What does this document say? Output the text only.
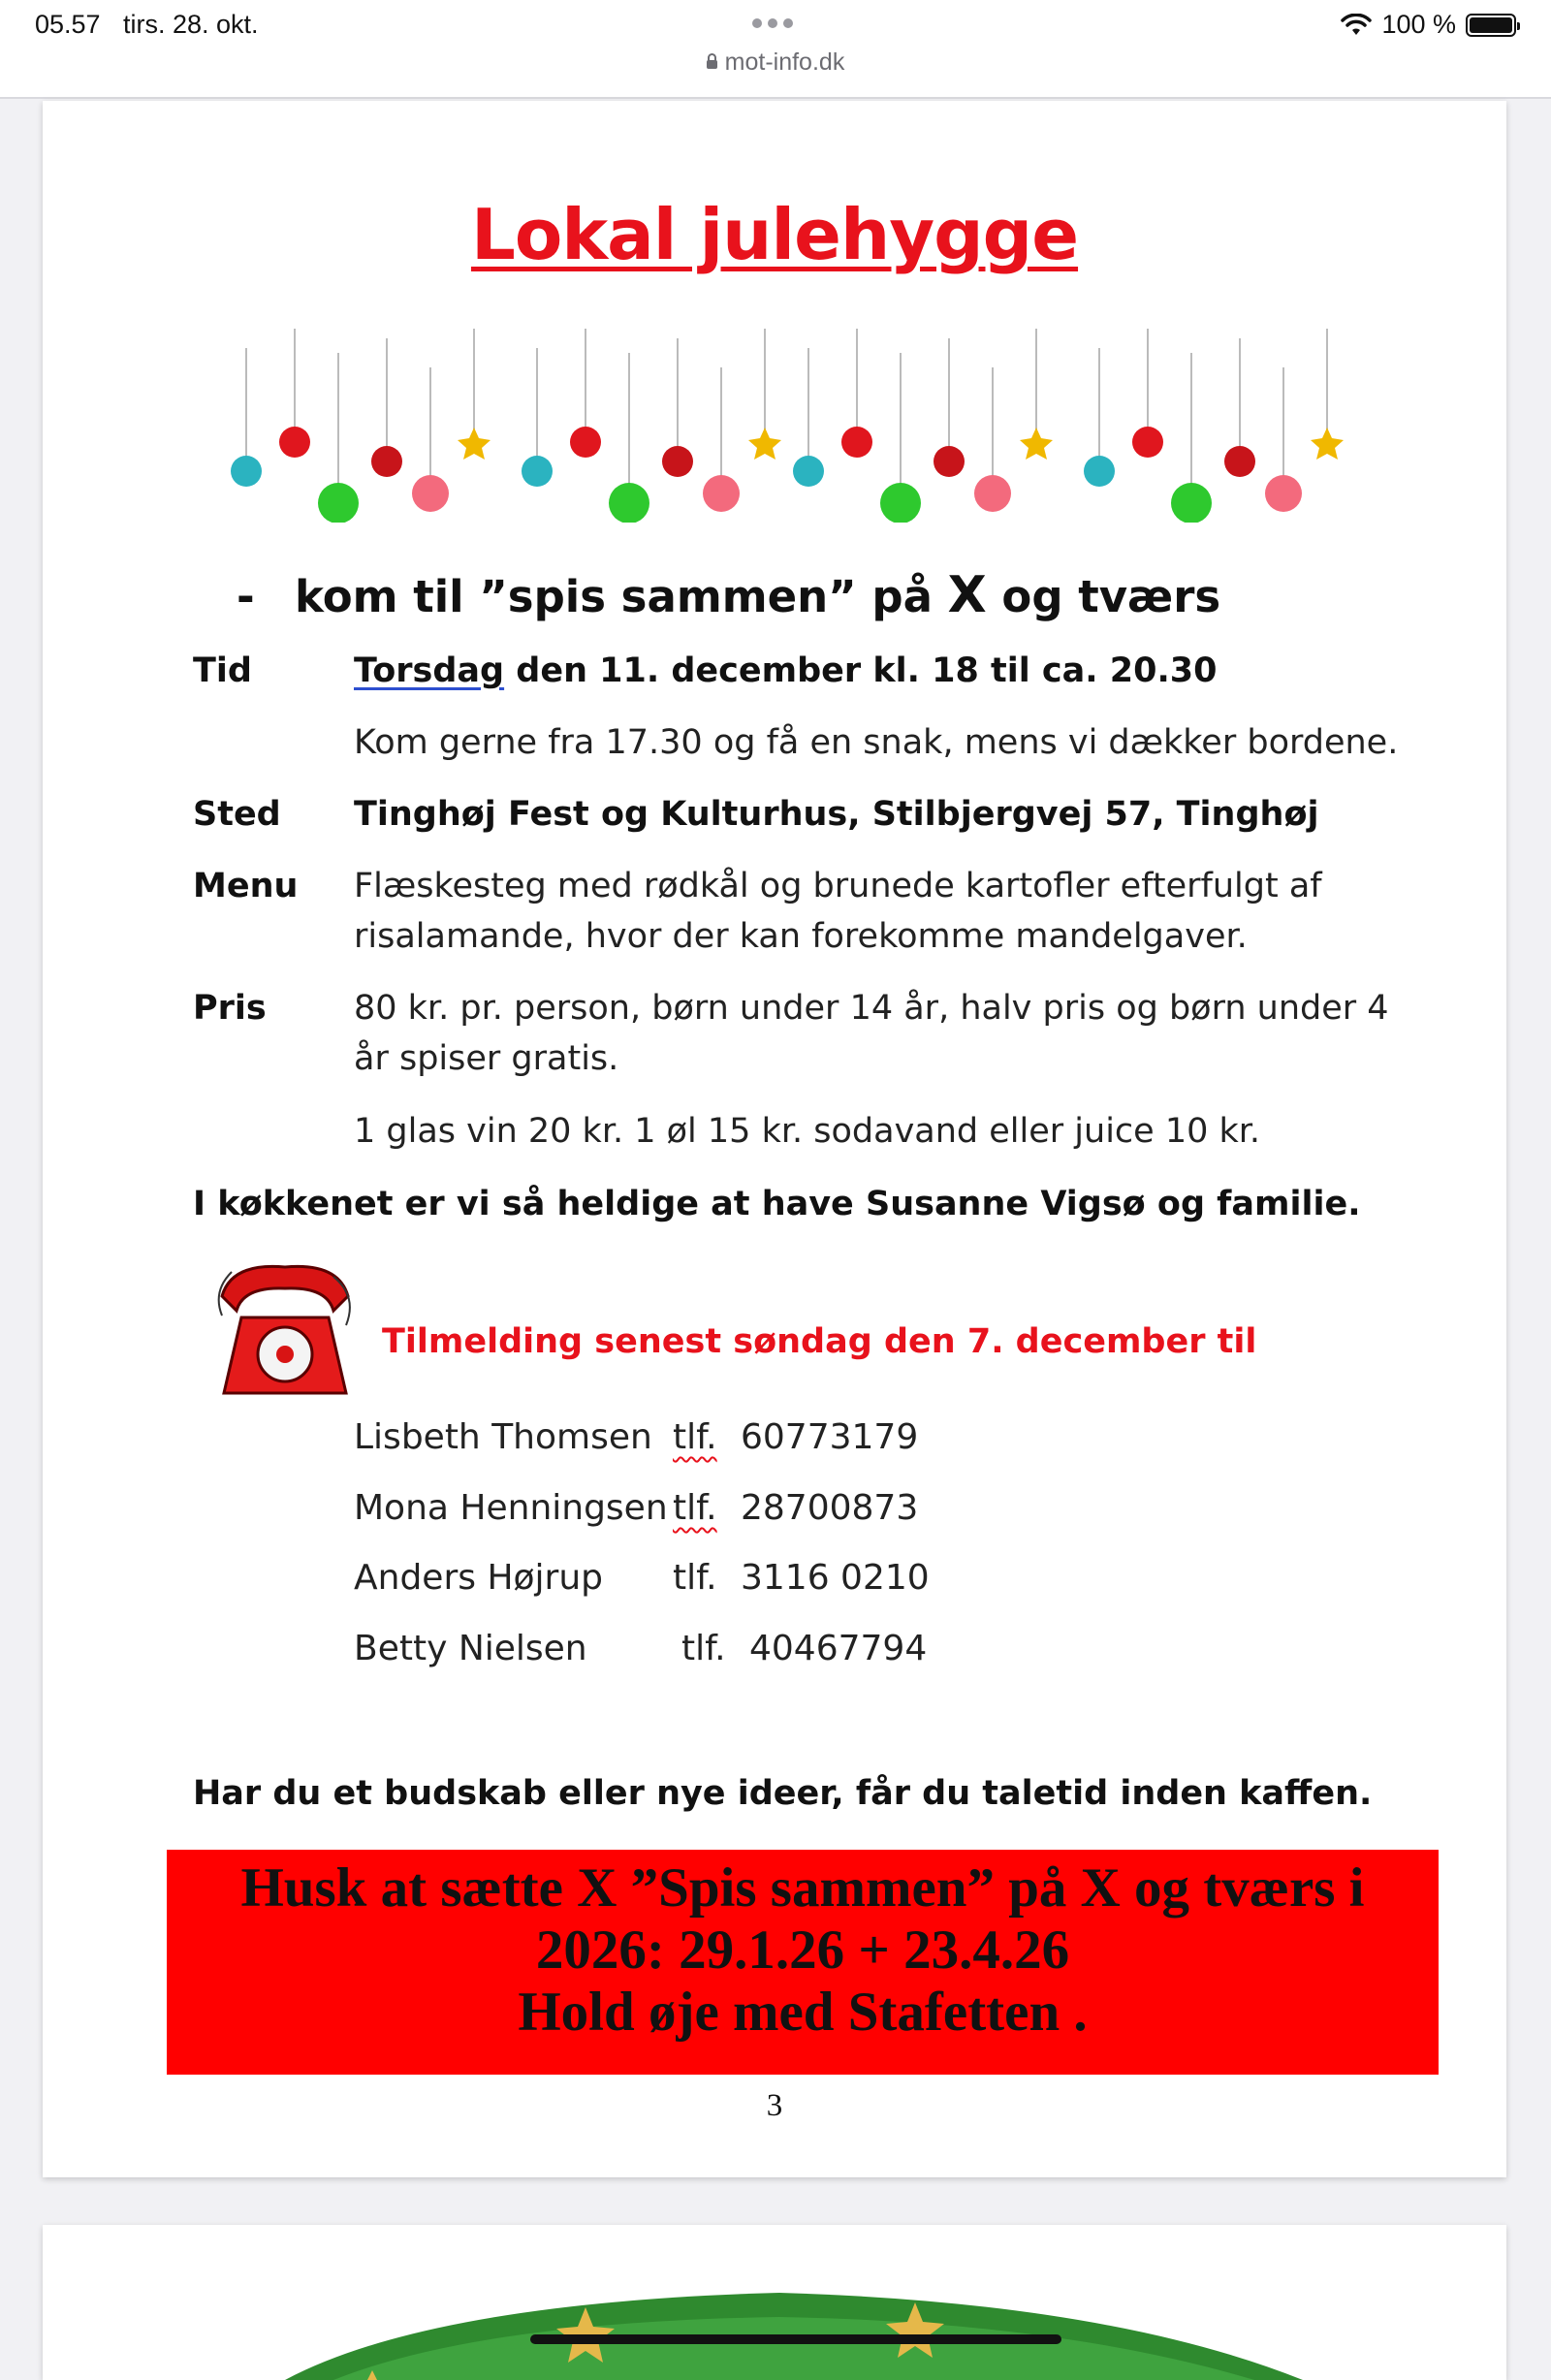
05.57 tirs. 28. okt.	100 %
mot-info.dk
Lokal julehygge
- kom til ”spis sammen” på X og tværs
Tid	Torsdag den 11. december kl. 18 til ca. 20.30
Kom gerne fra 17.30 og få en snak, mens vi dækker bordene.
Sted Tinghøj Fest og Kulturhus, Stilbjergvej 57, Tinghøj
Menu Flæskesteg med rødkål og brunede kartofler efterfulgt af risalamande, hvor der kan forekomme mandelgaver.
Pris	80 kr. pr. person, børn under 14 år, halv pris og børn under 4 år spiser gratis.
1 glas vin 20 kr. 1 øl 15 kr. sodavand eller juice 10 kr.
I køkkenet er vi så heldige at have Susanne Vigsø og familie.
Tilmelding senest søndag den 7. december til
Lisbeth Thomsen tlf. 60773179
Mona Henningsen tlf. 28700873
Anders Højrup tlf. 3116 0210
Betty Nielsen	tlf. 40467794
Har du et budskab eller nye ideer, får du taletid inden kaffen.
Husk at sætte X ”Spis sammen” på X og tværs i
2026: 29.1.26 + 23.4.26
Hold øje med Stafetten .
3
